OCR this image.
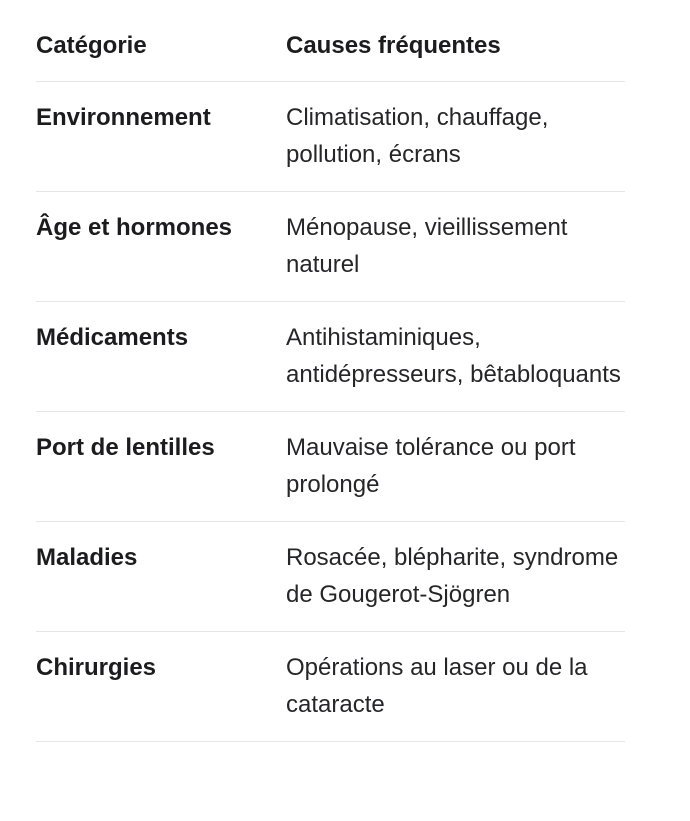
Catégorie	Causes fréquentes
Environnement	Climatisation, chauffage, pollution, écrans
Âge et hormones	Ménopause, vieillissement naturel
Médicaments	Antihistaminiques, antidépresseurs, bêtabloquants
Port de lentilles	Mauvaise tolérance ou port prolongé
Maladies	Rosacée, blépharite, syndrome de Gougerot-Sjögren
Chirurgies	Opérations au laser ou de la cataracte
